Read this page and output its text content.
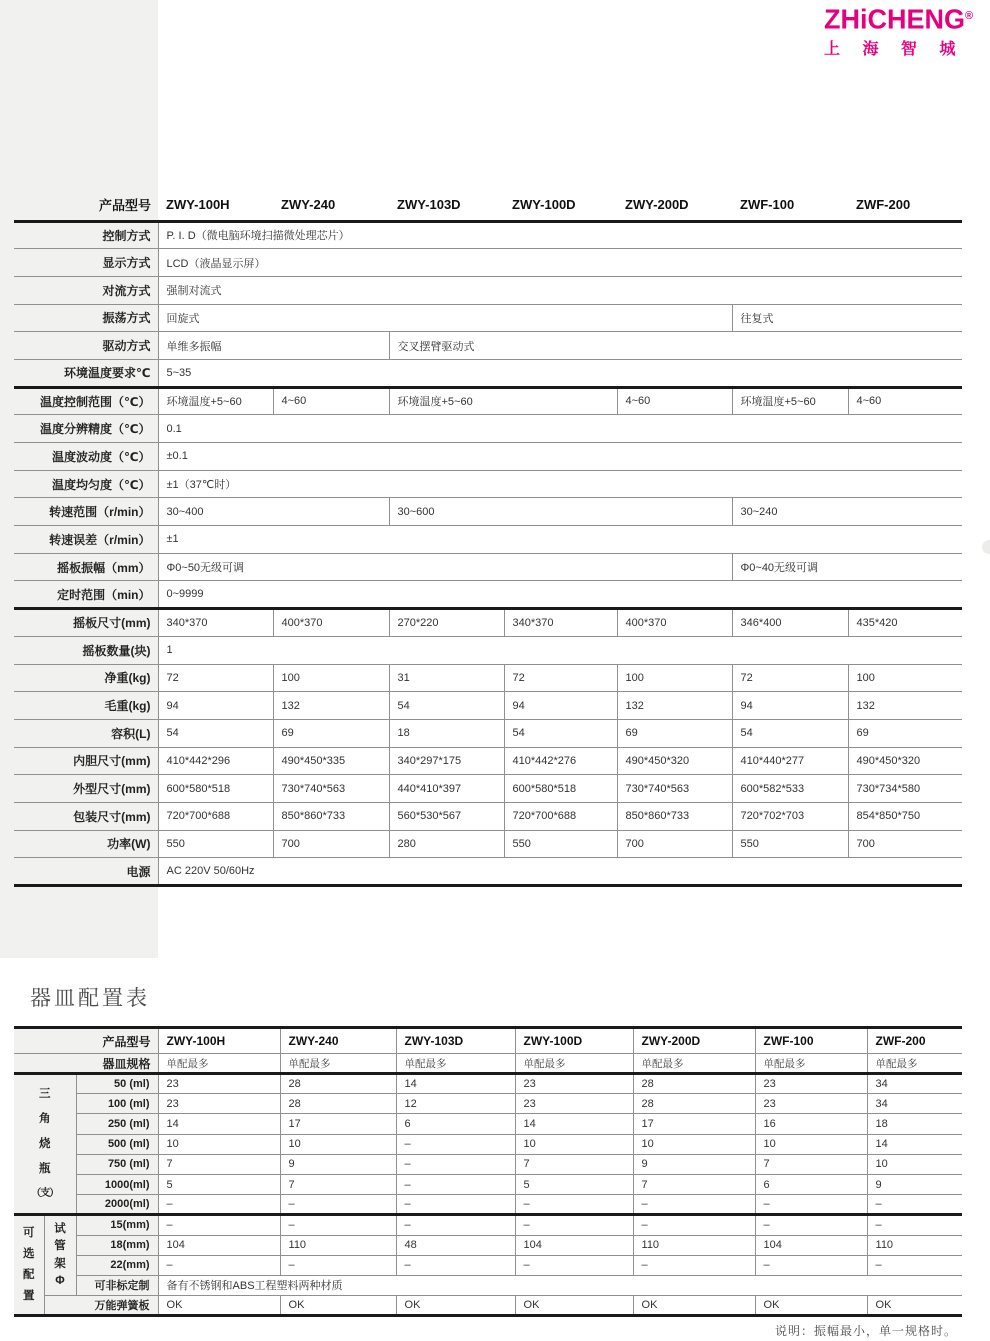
ZHiCHENG®
上 海 智 城
产品型号	ZWY-100H	ZWY-240	ZWY-103D	ZWY-100D	ZWY-200D	ZWF-100	ZWF-200
控制方式	P. I. D（微电脑环境扫描微处理芯片）						
显示方式	LCD（液晶显示屏）						
对流方式	强制对流式						
振荡方式	回旋式					往复式	
驱动方式	单维多振幅		交叉摆臂驱动式				
环境温度要求℃	5~35						
温度控制范围（℃）	环境温度+5~60	4~60	环境温度+5~60		4~60	环境温度+5~60	4~60
温度分辨精度（℃）	0.1						
温度波动度（℃）	±0.1						
温度均匀度（℃）	±1（37℃时）						
转速范围（r/min）	30~400		30~600			30~240	
转速误差（r/min）	±1						
摇板振幅（mm）	Φ0~50无级可调					Φ0~40无级可调	
定时范围（min）	0~9999						
摇板尺寸(mm)	340*370	400*370	270*220	340*370	400*370	346*400	435*420
摇板数量(块)	1						
净重(kg)	72	100	31	72	100	72	100
毛重(kg)	94	132	54	94	132	94	132
容积(L)	54	69	18	54	69	54	69
内胆尺寸(mm)	410*442*296	490*450*335	340*297*175	410*442*276	490*450*320	410*440*277	490*450*320
外型尺寸(mm)	600*580*518	730*740*563	440*410*397	600*580*518	730*740*563	600*582*533	730*734*580
包装尺寸(mm)	720*700*688	850*860*733	560*530*567	720*700*688	850*860*733	720*702*703	854*850*750
功率(W)	550	700	280	550	700	550	700
电源	AC 220V 50/60Hz						
器皿配置表
产品型号			ZWY-100H	ZWY-240	ZWY-103D	ZWY-100D	ZWY-200D	ZWF-100	ZWF-200
器皿规格			单配最多	单配最多	单配最多	单配最多	单配最多	单配最多	单配最多

三
角
烧
瓶
（支）		50 (ml)	23	28	14	23	28	23	34
		100 (ml)	23	28	12	23	28	23	34
		250 (ml)	14	17	6	14	17	16	18
		500 (ml)	10	10	–	10	10	10	14
		750 (ml)	7	9	–	7	9	7	10
		1000(ml)	5	7	–	5	7	6	9
		2000(ml)	–	–	–	–	–	–	–

可
选
配
置

试
管
架
Φ
	15(mm)	–	–	–	–	–	–	–
		18(mm)	104	110	48	104	110	104	110
		22(mm)	–	–	–	–	–	–	–
		可非标定制	备有不锈钢和ABS工程塑料两种材质						
	万能弹簧板		OK	OK	OK	OK	OK	OK	OK
说明：振幅最小，单一规格时。
